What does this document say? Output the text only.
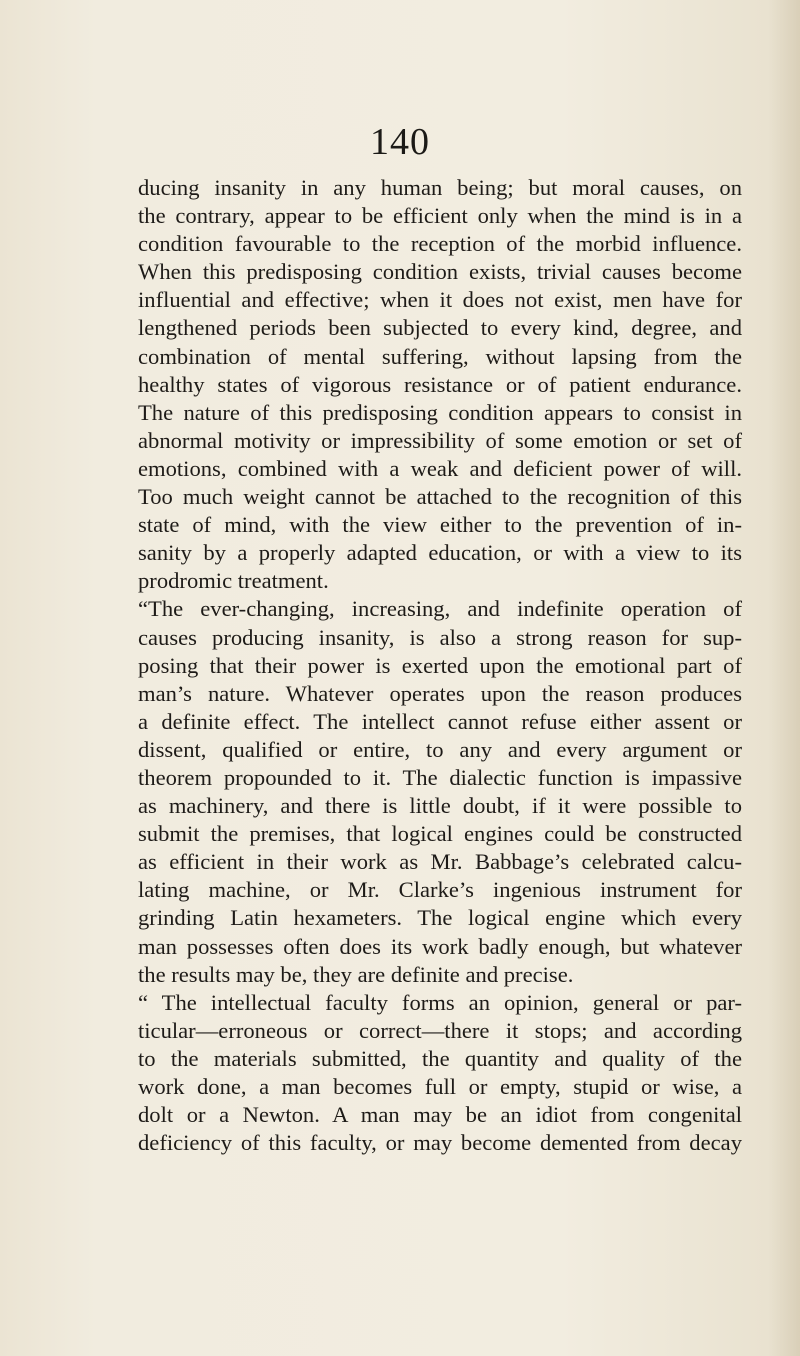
140
ducing insanity in any human being; but moral causes, on
the contrary, appear to be efficient only when the mind is in a
condition favourable to the reception of the morbid influence.
When this predisposing condition exists, trivial causes become
influential and effective; when it does not exist, men have for
lengthened periods been subjected to every kind, degree, and
combination of mental suffering, without lapsing from the
healthy states of vigorous resistance or of patient endurance.
The nature of this predisposing condition appears to consist in
abnormal motivity or impressibility of some emotion or set of
emotions, combined with a weak and deficient power of will.
Too much weight cannot be attached to the recognition of this
state of mind, with the view either to the prevention of in-
sanity by a properly adapted education, or with a view to its
prodromic treatment.
“The ever-changing, increasing, and indefinite operation of
causes producing insanity, is also a strong reason for sup-
posing that their power is exerted upon the emotional part of
man’s nature. Whatever operates upon the reason produces
a definite effect. The intellect cannot refuse either assent or
dissent, qualified or entire, to any and every argument or
theorem propounded to it. The dialectic function is impassive
as machinery, and there is little doubt, if it were possible to
submit the premises, that logical engines could be constructed
as efficient in their work as Mr. Babbage’s celebrated calcu-
lating machine, or Mr. Clarke’s ingenious instrument for
grinding Latin hexameters. The logical engine which every
man possesses often does its work badly enough, but whatever
the results may be, they are definite and precise.
“ The intellectual faculty forms an opinion, general or par-
ticular—erroneous or correct—there it stops; and according
to the materials submitted, the quantity and quality of the
work done, a man becomes full or empty, stupid or wise, a
dolt or a Newton. A man may be an idiot from congenital
deficiency of this faculty, or may become demented from decay
